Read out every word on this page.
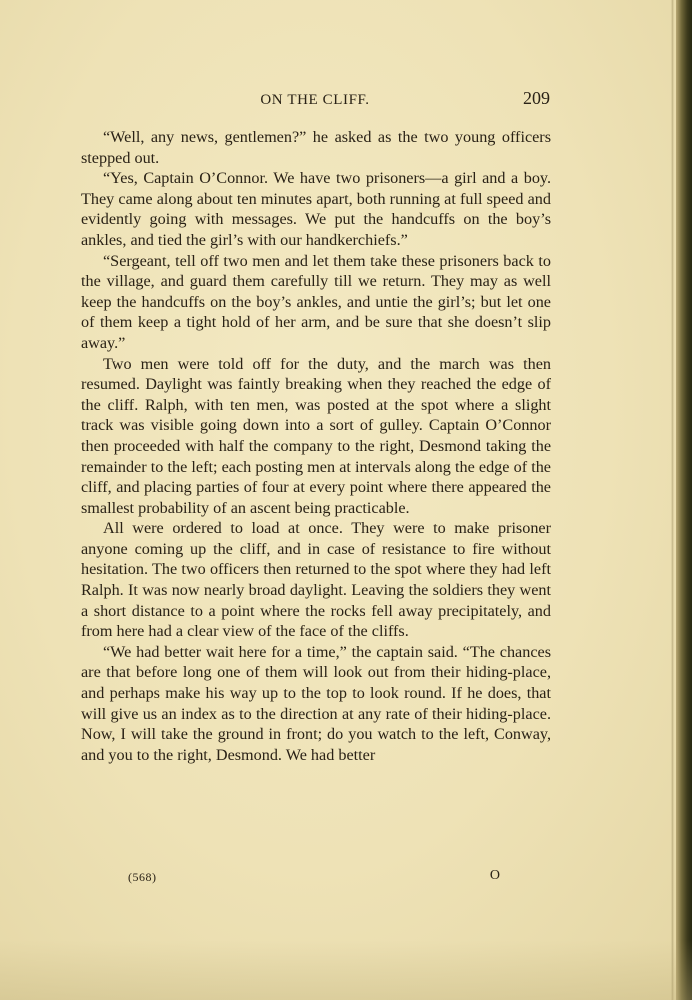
ON THE CLIFF.	209

“Well, any news, gentlemen?” he asked as the two young officers stepped out.

“Yes, Captain O’Connor. We have two prisoners—a girl and a boy. They came along about ten minutes apart, both running at full speed and evidently going with messages. We put the handcuffs on the boy’s ankles, and tied the girl’s with our handkerchiefs.”

“Sergeant, tell off two men and let them take these prisoners back to the village, and guard them carefully till we return. They may as well keep the handcuffs on the boy’s ankles, and untie the girl’s; but let one of them keep a tight hold of her arm, and be sure that she doesn’t slip away.”

Two men were told off for the duty, and the march was then resumed. Daylight was faintly breaking when they reached the edge of the cliff. Ralph, with ten men, was posted at the spot where a slight track was visible going down into a sort of gulley. Captain O’Connor then proceeded with half the company to the right, Desmond taking the remainder to the left; each posting men at intervals along the edge of the cliff, and placing parties of four at every point where there appeared the smallest probability of an ascent being practicable.

All were ordered to load at once. They were to make prisoner anyone coming up the cliff, and in case of resistance to fire without hesitation. The two officers then returned to the spot where they had left Ralph. It was now nearly broad daylight. Leaving the soldiers they went a short distance to a point where the rocks fell away precipitately, and from here had a clear view of the face of the cliffs.

“We had better wait here for a time,” the captain said. “The chances are that before long one of them will look out from their hiding-place, and perhaps make his way up to the top to look round. If he does, that will give us an index as to the direction at any rate of their hiding-place. Now, I will take the ground in front; do you watch to the left, Conway, and you to the right, Desmond. We had better

(568)	O
